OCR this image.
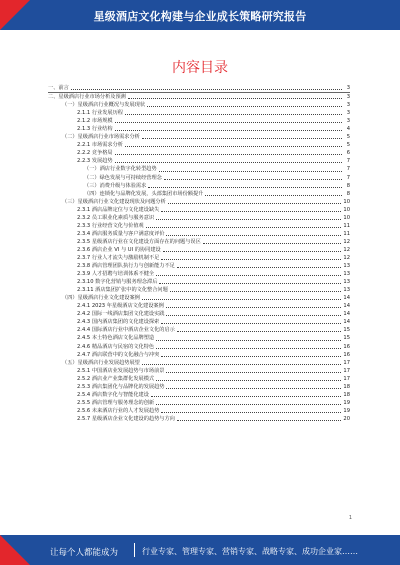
星级酒店文化构建与企业成长策略研究报告
内容目录
一、前言	3
二、星级酒店行业市场分析及预测	3
（一）星级酒店行业概况与发展现状	3
2.1.1 行业发展历程	3
2.1.2 市场规模	3
2.1.3 行业结构	4
（二）星级酒店行业市场需求分析	5
2.2.1 市场需求分析	5
2.2.2 竞争格局	6
2.2.3 发展趋势	7
（一）酒店行业数字化转型趋势	7
（二）绿色发展与可持续经营理念	7
（三）消费升级与体验需求	8
（四）连锁化与品牌化发展，头部集团市场份额提升	8
（三）星级酒店行业文化建设现状及问题分析	10
2.3.1 酒店品牌定位与文化建设缺失	10
2.3.2 员工职业化素质与服务意识	10
2.3.3 行业经营文化与价值观	11
2.3.4 酒店服务质量与客户满意度评价	11
2.3.5 星级酒店行业在文化建设方面存在的问题与误区	12
2.3.6 酒店企业 VI 与 UI 的协同建设	12
2.3.7 行业人才流失与激励机制不足	12
2.3.8 酒店管理团队执行力与创新能力不足	13
2.3.9 人才招聘与培训体系不健全	13
2.3.10 数字化营销与服务理念滞后	13
2.3.11 酒店集团扩张中的文化整合问题	13
（四）星级酒店行业文化建设案例	14
2.4.1 2023 年星级酒店文化建设案例	14
2.4.2 国际一线酒店集团文化建设实践	14
2.4.3 国内酒店集团的文化建设探索	14
2.4.4 国际酒店行业中酒店企业文化的启示	15
2.4.5 本土特色酒店文化品牌塑造	15
2.4.6 精品酒店与民宿的文化特色	16
2.4.7 酒店联营中的文化融合与冲突	16
（五）星级酒店行业发展趋势展望	17
2.5.1 中国酒店业发展趋势与市场前景	17
2.5.2 酒店业产业集群化发展模式	17
2.5.3 酒店集团化与品牌化的发展趋势	18
2.5.4 酒店数字化与智能化建设	18
2.5.5 酒店管理与服务理念的创新	19
2.5.6 未来酒店行业的人才发展趋势	19
2.5.7 星级酒店企业文化建设的趋势与方向	20
1
让每个人都能成为	行业专家、管理专家、营销专家、战略专家、成功企业家……
